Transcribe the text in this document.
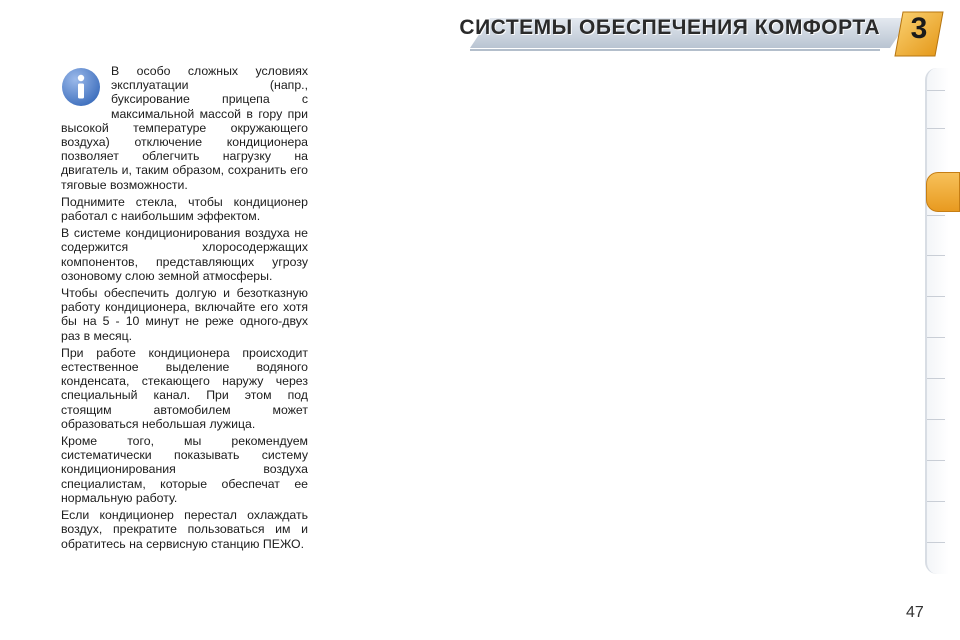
СИСТЕМЫ ОБЕСПЕЧЕНИЯ КОМФОРТА	3

В особо сложных условиях эксплуатации (напр., буксирование прицепа с максимальной массой в гору при высокой температуре окружающего воздуха) отключение кондиционера позволяет облегчить нагрузку на двигатель и, таким образом, сохранить его тяговые возможности.

Поднимите стекла, чтобы кондиционер работал с наибольшим эффектом.

В системе кондиционирования воздуха не содержится хлоросодержащих компонентов, представляющих угрозу озоновому слою земной атмосферы.

Чтобы обеспечить долгую и безотказную работу кондиционера, включайте его хотя бы на 5 - 10 минут не реже одного-двух раз в месяц.

При работе кондиционера происходит естественное выделение водяного конденсата, стекающего наружу через специальный канал. При этом под стоящим автомобилем может образоваться небольшая лужица.

Кроме того, мы рекомендуем систематически показывать систему кондиционирования воздуха специалистам, которые обеспечат ее нормальную работу.

Если кондиционер перестал охлаждать воздух, прекратите пользоваться им и обратитесь на сервисную станцию ПЕЖО.

47
